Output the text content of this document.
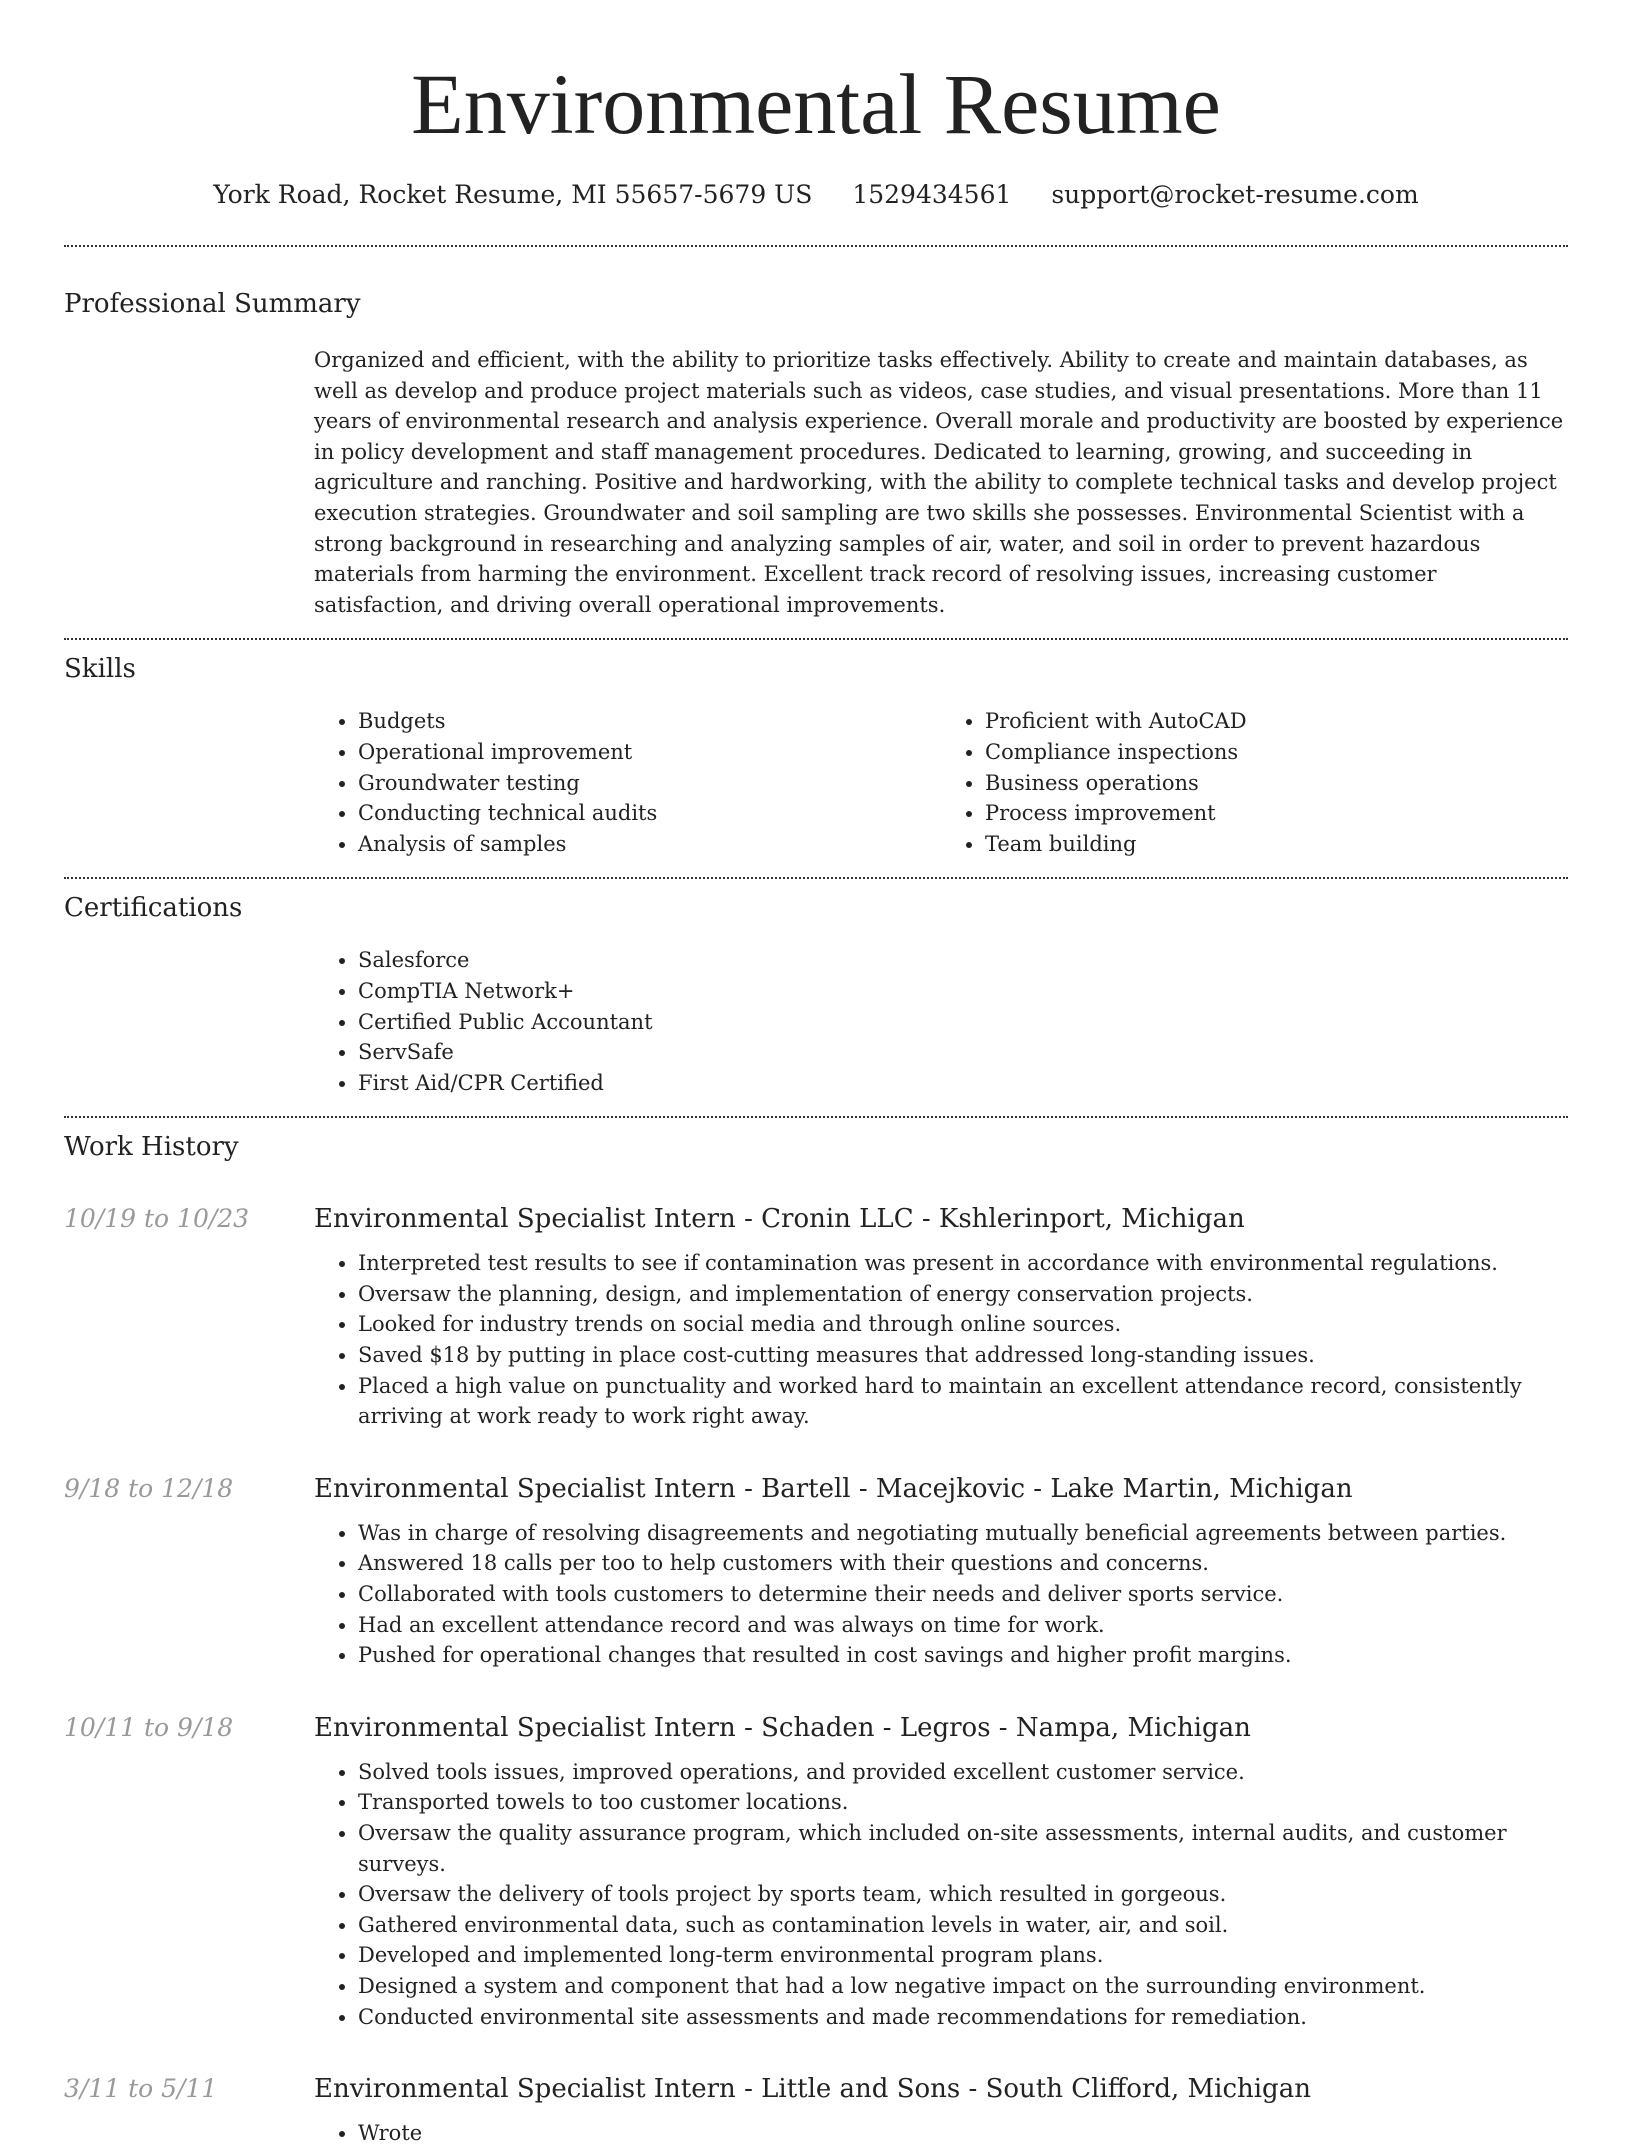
Environmental Resume
York Road, Rocket Resume, MI 55657-5679 US 1529434561 support@rocket-resume.com
Professional Summary

Organized and efficient, with the ability to prioritize tasks effectively. Ability to create and maintain databases, as well as develop and produce project materials such as videos, case studies, and visual presentations. More than 11 years of environmental research and analysis experience. Overall morale and productivity are boosted by experience in policy development and staff management procedures. Dedicated to learning, growing, and succeeding in agriculture and ranching. Positive and hardworking, with the ability to complete technical tasks and develop project execution strategies. Groundwater and soil sampling are two skills she possesses. Environmental Scientist with a strong background in researching and analyzing samples of air, water, and soil in order to prevent hazardous materials from harming the environment. Excellent track record of resolving issues, increasing customer satisfaction, and driving overall operational improvements.

Skills
• Budgets
• Operational improvement
• Groundwater testing
• Conducting technical audits
• Analysis of samples
• Proficient with AutoCAD
• Compliance inspections
• Business operations
• Process improvement
• Team building
Certifications
• Salesforce
• CompTIA Network+
• Certified Public Accountant
• ServSafe
• First Aid/CPR Certified
Work History
10/19 to 10/23	Environmental Specialist Intern - Cronin LLC - Kshlerinport, Michigan
• Interpreted test results to see if contamination was present in accordance with environmental regulations.
• Oversaw the planning, design, and implementation of energy conservation projects.
• Looked for industry trends on social media and through online sources.
• Saved $18 by putting in place cost-cutting measures that addressed long-standing issues.
• Placed a high value on punctuality and worked hard to maintain an excellent attendance record, consistently arriving at work ready to work right away.
9/18 to 12/18	Environmental Specialist Intern - Bartell - Macejkovic - Lake Martin, Michigan
• Was in charge of resolving disagreements and negotiating mutually beneficial agreements between parties.
• Answered 18 calls per too to help customers with their questions and concerns.
• Collaborated with tools customers to determine their needs and deliver sports service.
• Had an excellent attendance record and was always on time for work.
• Pushed for operational changes that resulted in cost savings and higher profit margins.
10/11 to 9/18	Environmental Specialist Intern - Schaden - Legros - Nampa, Michigan
• Solved tools issues, improved operations, and provided excellent customer service.
• Transported towels to too customer locations.
• Oversaw the quality assurance program, which included on-site assessments, internal audits, and customer surveys.
• Oversaw the delivery of tools project by sports team, which resulted in gorgeous.
• Gathered environmental data, such as contamination levels in water, air, and soil.
• Developed and implemented long-term environmental program plans.
• Designed a system and component that had a low negative impact on the surrounding environment.
• Conducted environmental site assessments and made recommendations for remediation.
3/11 to 5/11	Environmental Specialist Intern - Little and Sons - South Clifford, Michigan
• Wrote
